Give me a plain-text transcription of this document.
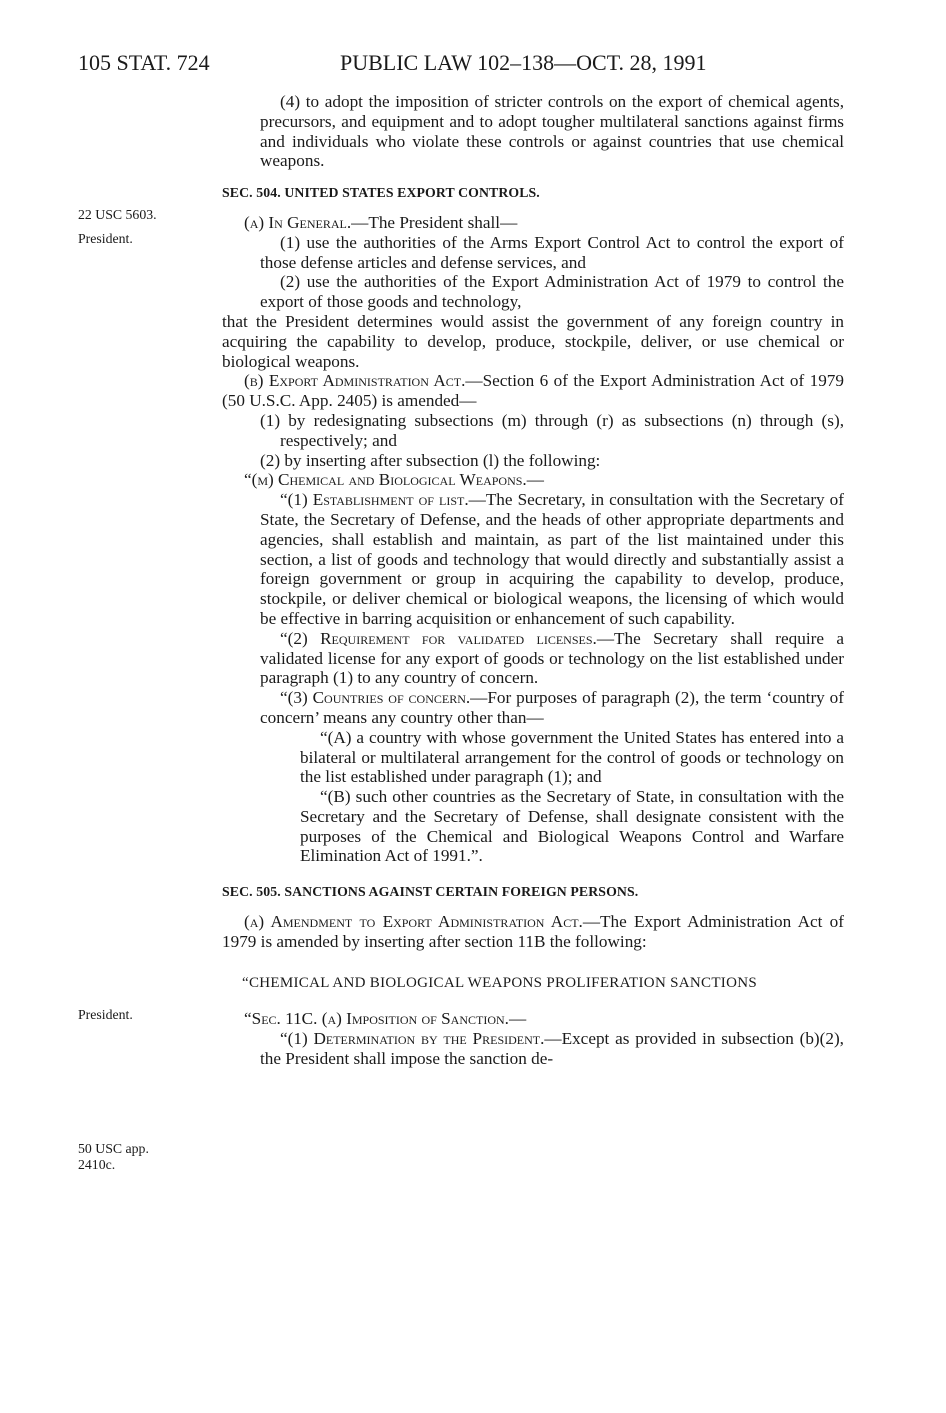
105 STAT. 724	PUBLIC LAW 102–138—OCT. 28, 1991
22 USC 5603.
President.
President.
50 USC app.
2410c.

(4) to adopt the imposition of stricter controls on the export of chemical agents, precursors, and equipment and to adopt tougher multilateral sanctions against firms and individuals who violate these controls or against countries that use chemical weapons.

SEC. 504. UNITED STATES EXPORT CONTROLS.

(a) In General.—The President shall—

(1) use the authorities of the Arms Export Control Act to control the export of those defense articles and defense services, and

(2) use the authorities of the Export Administration Act of 1979 to control the export of those goods and technology,

that the President determines would assist the government of any foreign country in acquiring the capability to develop, produce, stockpile, deliver, or use chemical or biological weapons.

(b) Export Administration Act.—Section 6 of the Export Administration Act of 1979 (50 U.S.C. App. 2405) is amended—

(1) by redesignating subsections (m) through (r) as subsections (n) through (s), respectively; and

(2) by inserting after subsection (l) the following:

“(m) Chemical and Biological Weapons.—

“(1) Establishment of list.—The Secretary, in consultation with the Secretary of State, the Secretary of Defense, and the heads of other appropriate departments and agencies, shall establish and maintain, as part of the list maintained under this section, a list of goods and technology that would directly and substantially assist a foreign government or group in acquiring the capability to develop, produce, stockpile, or deliver chemical or biological weapons, the licensing of which would be effective in barring acquisition or enhancement of such capability.

“(2) Requirement for validated licenses.—The Secretary shall require a validated license for any export of goods or technology on the list established under paragraph (1) to any country of concern.

“(3) Countries of concern.—For purposes of paragraph (2), the term ‘country of concern’ means any country other than—

“(A) a country with whose government the United States has entered into a bilateral or multilateral arrangement for the control of goods or technology on the list established under paragraph (1); and

“(B) such other countries as the Secretary of State, in consultation with the Secretary and the Secretary of Defense, shall designate consistent with the purposes of the Chemical and Biological Weapons Control and Warfare Elimination Act of 1991.”.

SEC. 505. SANCTIONS AGAINST CERTAIN FOREIGN PERSONS.

(a) Amendment to Export Administration Act.—The Export Administration Act of 1979 is amended by inserting after section 11B the following:

“CHEMICAL AND BIOLOGICAL WEAPONS PROLIFERATION SANCTIONS

“Sec. 11C. (a) Imposition of Sanction.—

“(1) Determination by the President.—Except as provided in subsection (b)(2), the President shall impose the sanction de-
